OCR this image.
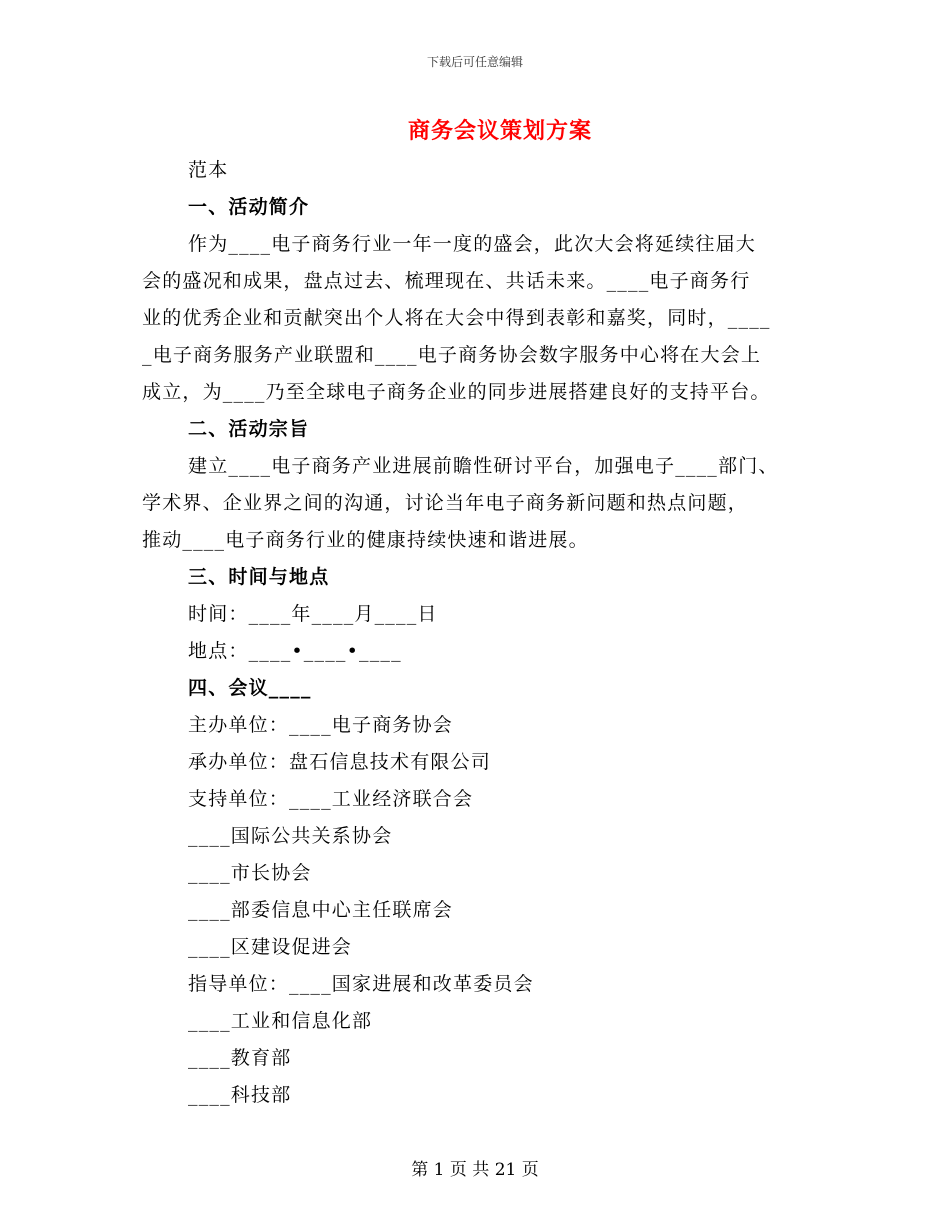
下载后可任意编辑
商务会议策划方案
范本
一、活动简介
作为____电子商务行业一年一度的盛会，此次大会将延续往届大
会的盛况和成果，盘点过去、梳理现在、共话未来。____电子商务行
业的优秀企业和贡献突出个人将在大会中得到表彰和嘉奖，同时，____
_电子商务服务产业联盟和____电子商务协会数字服务中心将在大会上
成立，为____乃至全球电子商务企业的同步进展搭建良好的支持平台。
二、活动宗旨
建立____电子商务产业进展前瞻性研讨平台，加强电子____部门、
学术界、企业界之间的沟通，讨论当年电子商务新问题和热点问题，
推动____电子商务行业的健康持续快速和谐进展。
三、时间与地点
时间：____年____月____日
地点：____•____•____
四、会议____
主办单位：____电子商务协会
承办单位：盘石信息技术有限公司
支持单位：____工业经济联合会
____国际公共关系协会
____市长协会
____部委信息中心主任联席会
____区建设促进会
指导单位：____国家进展和改革委员会
____工业和信息化部
____教育部
____科技部
第 1 页 共 21 页
